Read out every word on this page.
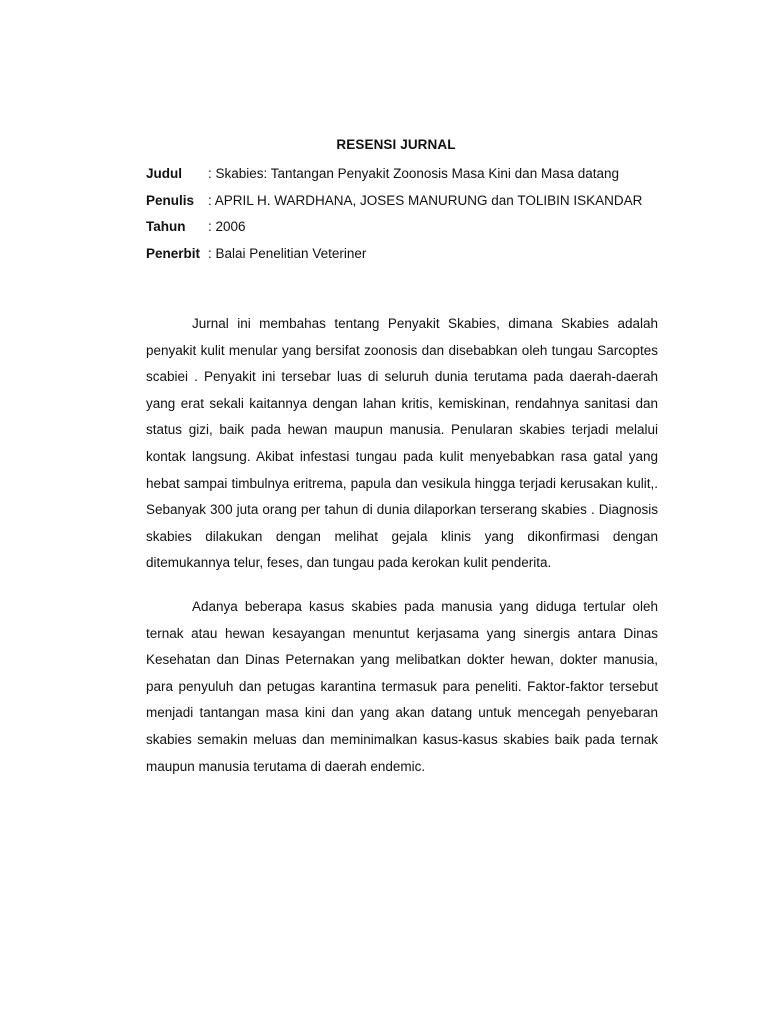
RESENSI JURNAL
Judul : Skabies: Tantangan Penyakit Zoonosis Masa Kini dan Masa datang
Penulis : APRIL H. WARDHANA, JOSES MANURUNG dan TOLIBIN ISKANDAR
Tahun : 2006
Penerbit : Balai Penelitian Veteriner

Jurnal ini membahas tentang Penyakit Skabies, dimana Skabies adalah penyakit kulit menular yang bersifat zoonosis dan disebabkan oleh tungau Sarcoptes scabiei . Penyakit ini tersebar luas di seluruh dunia terutama pada daerah-daerah yang erat sekali kaitannya dengan lahan kritis, kemiskinan, rendahnya sanitasi dan status gizi, baik pada hewan maupun manusia. Penularan skabies terjadi melalui kontak langsung. Akibat infestasi tungau pada kulit menyebabkan rasa gatal yang hebat sampai timbulnya eritrema, papula dan vesikula hingga terjadi kerusakan kulit,. Sebanyak 300 juta orang per tahun di dunia dilaporkan terserang skabies . Diagnosis skabies dilakukan dengan melihat gejala klinis yang dikonfirmasi dengan ditemukannya telur, feses, dan tungau pada kerokan kulit penderita.

Adanya beberapa kasus skabies pada manusia yang diduga tertular oleh ternak atau hewan kesayangan menuntut kerjasama yang sinergis antara Dinas Kesehatan dan Dinas Peternakan yang melibatkan dokter hewan, dokter manusia, para penyuluh dan petugas karantina termasuk para peneliti. Faktor-faktor tersebut menjadi tantangan masa kini dan yang akan datang untuk mencegah penyebaran skabies semakin meluas dan meminimalkan kasus-kasus skabies baik pada ternak maupun manusia terutama di daerah endemic.
